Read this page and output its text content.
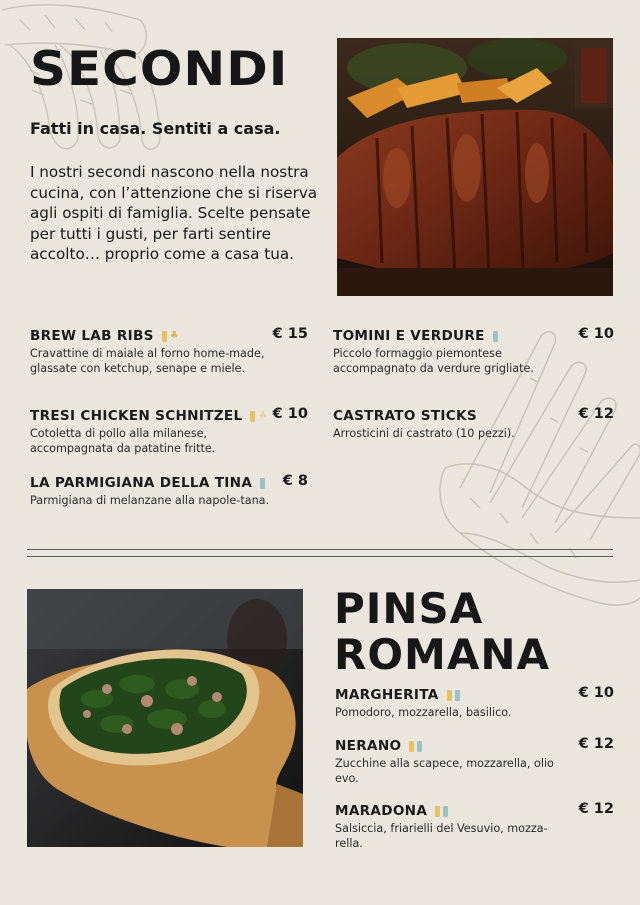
SECONDI
Fatti in casa. Sentiti a casa.
I nostri secondi nascono nella nostra cucina, con l’attenzione che si riserva agli ospiti di famiglia. Scelte pensate per tutti i gusti, per farti sentire accolto… proprio come a casa tua.
BREW LAB RIBS ♣	€ 15
Cravattine di maiale al forno home-made, glassate con ketchup, senape e miele.
TRESI CHICKEN SCHNITZEL ♣ € 10
Cotoletta di pollo alla milanese, accompagnata da patatine fritte.
LA PARMIGIANA DELLA TINA € 8
Parmigiana di melanzane alla napole-tana.
TOMINI E VERDURE	€ 10
Piccolo formaggio piemontese accompagnato da verdure grigliate.
CASTRATO STICKS	€ 12
Arrosticini di castrato (10 pezzi).
PINSA
ROMANA
MARGHERITA	€ 10
Pomodoro, mozzarella, basilico.
NERANO	€ 12
Zucchine alla scapece, mozzarella, olio evo.
MARADONA	€ 12
Salsiccia, friarielli del Vesuvio, mozza-rella.
